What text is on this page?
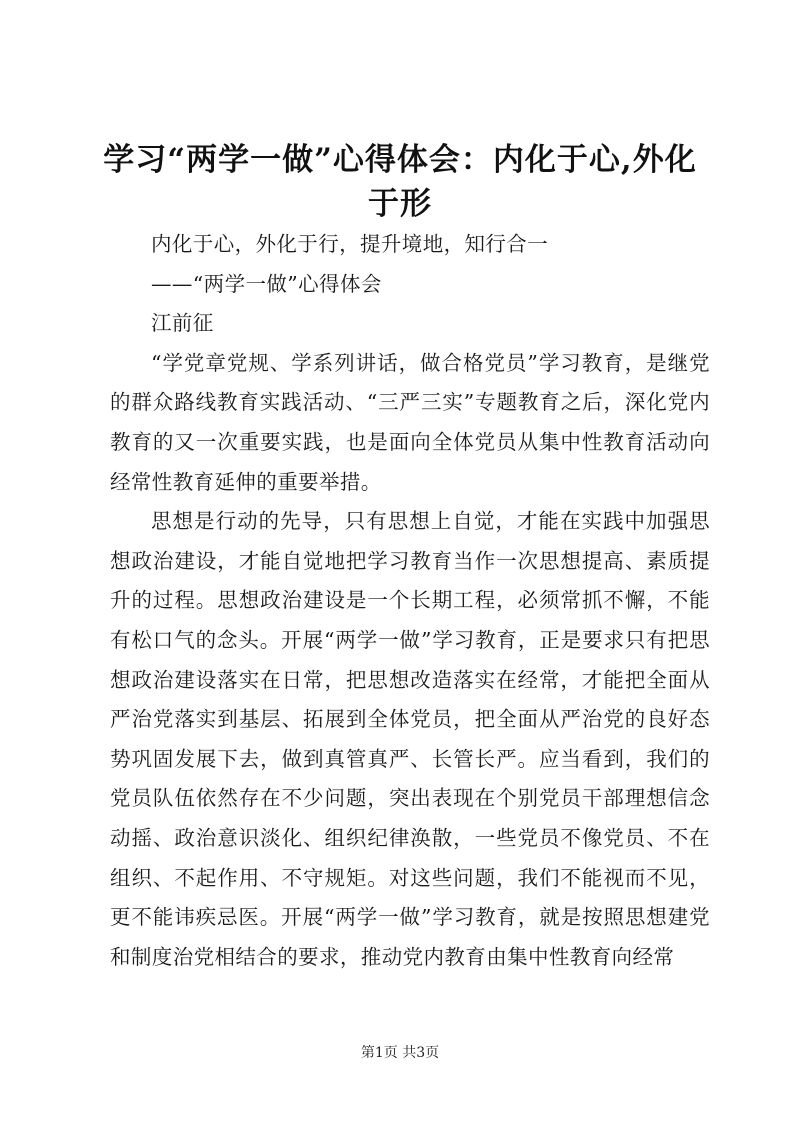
学习“两学一做”心得体会：内化于心,外化于形

内化于心，外化于行，提升境地，知行合一

——“两学一做”心得体会

江前征

“学党章党规、学系列讲话，做合格党员”学习教育，是继党的群众路线教育实践活动、“三严三实”专题教育之后，深化党内教育的又一次重要实践，也是面向全体党员从集中性教育活动向经常性教育延伸的重要举措。

思想是行动的先导，只有思想上自觉，才能在实践中加强思想政治建设，才能自觉地把学习教育当作一次思想提高、素质提升的过程。思想政治建设是一个长期工程，必须常抓不懈，不能有松口气的念头。开展“两学一做”学习教育，正是要求只有把思想政治建设落实在日常，把思想改造落实在经常，才能把全面从严治党落实到基层、拓展到全体党员，把全面从严治党的良好态势巩固发展下去，做到真管真严、长管长严。应当看到，我们的党员队伍依然存在不少问题，突出表现在个别党员干部理想信念动摇、政治意识淡化、组织纪律涣散，一些党员不像党员、不在组织、不起作用、不守规矩。对这些问题，我们不能视而不见，更不能讳疾忌医。开展“两学一做”学习教育，就是按照思想建党和制度治党相结合的要求，推动党内教育由集中性教育向经常

第1页 共3页
